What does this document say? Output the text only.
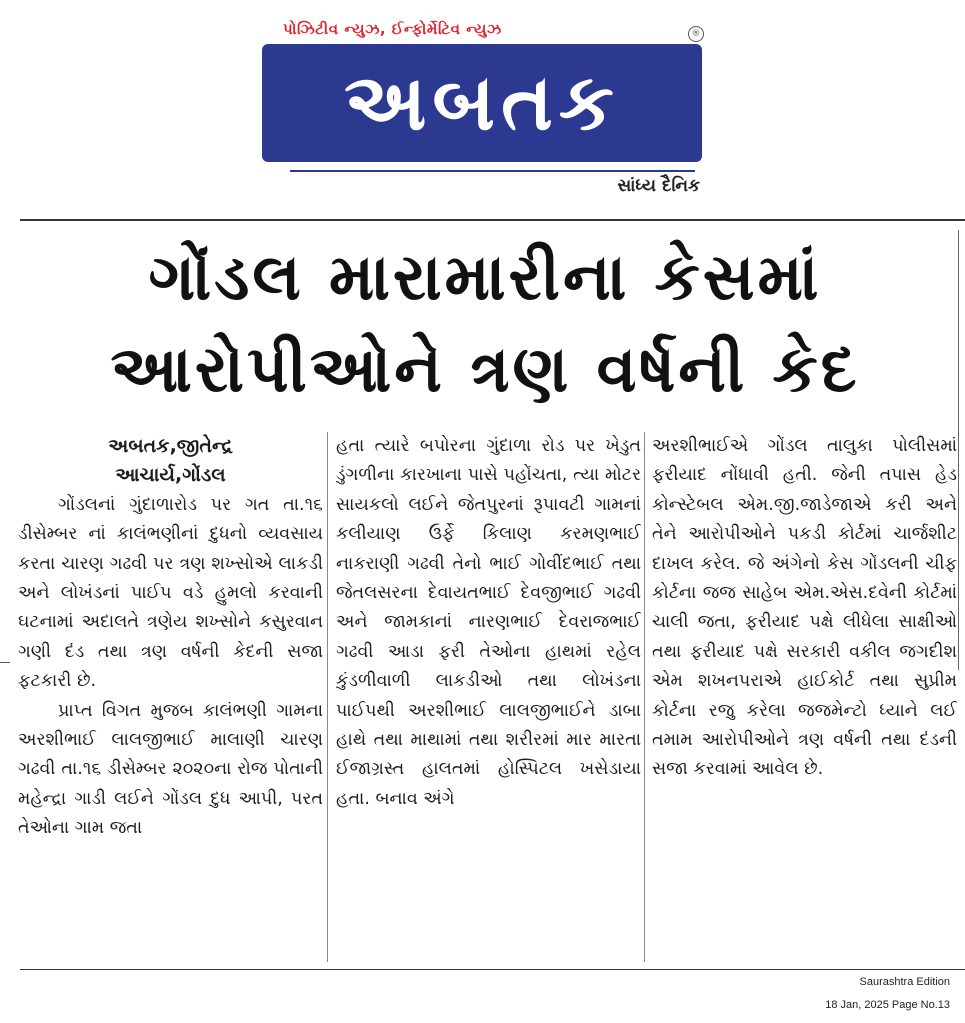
પોઝિટીવ ન્યુઝ, ઈન્ફોર્મેટિવ ન્યુઝ	®
અબતક
સાંધ્ય દૈનિક
ગોંડલ મારામારીના કેસમાં આરોપીઓને ત્રણ વર્ષની કેદ
અબતક,જીતેન્દ્ર
આચાર્ય,ગોંડલ

ગોંડલનાં ગુંદાળારોડ પર ગત તા.૧૬ ડીસેમ્બર નાં કાલંભણીનાં દુધનો વ્યવસાય કરતા ચારણ ગઢવી પર ત્રણ શખ્સોએ લાકડી અને લોખંડનાં પાઈપ વડે હુમલો કરવાની ઘટનામાં અદાલતે ત્રણેય શખ્સોને કસુરવાન ગણી દંડ તથા ત્રણ વર્ષની કેદની સજા ફટકારી છે.

પ્રાપ્ત વિગત મુજબ કાલંભણી ગામના અરશીભાઈ લાલજીભાઈ માલાણી ચારણ ગઢવી તા.૧૬ ડીસેમ્બર ૨૦૨૦ના રોજ પોતાની મહેન્દ્રા ગાડી લઈને ગોંડલ દુધ આપી, પરત તેઓના ગામ જતા

હતા ત્યારે બપોરના ગુંદાળા રોડ પર ખેડુત ડુંગળીના કારખાના પાસે પહોંચતા, ત્યા મોટર સાયકલો લઈને જેતપુરનાં રૂપાવટી ગામનાં કલીયાણ ઉર્ફે કિલાણ કરમણભાઈ નાકરાણી ગઢવી તેનો ભાઈ ગોવીંદભાઈ તથા જેતલસરના દેવાયતભાઈ દેવજીભાઈ ગઢવી અને જામકાનાં નારણભાઈ દેવરાજભાઈ ગઢવી આડા ફરી તેઓના હાથમાં રહેલ કુંડળીવાળી લાકડીઓ તથા લોખંડના પાઈપથી અરશીભાઈ લાલજીભાઈને ડાબા હાથે તથા માથામાં તથા શરીરમાં માર મારતા ઈજાગ્રસ્ત હાલતમાં હોસ્પિટલ ખસેડાયા હતા. બનાવ અંગે

અરશીભાઈએ ગોંડલ તાલુકા પોલીસમાં ફરીયાદ નોંધાવી હતી. જેની તપાસ હેડ કોન્સ્ટેબલ એમ.જી.જાડેજાએ કરી અને તેને આરોપીઓને પકડી કોર્ટમાં ચાર્જશીટ દાખલ કરેલ. જે અંગેનો કેસ ગોંડલની ચીફ કોર્ટના જજ સાહેબ એમ.એસ.દવેની કોર્ટમાં ચાલી જતા, ફરીયાદ પક્ષે લીધેલા સાક્ષીઓ તથા ફરીયાદ પક્ષે સરકારી વકીલ જગદીશ એમ શખનપરાએ હાઈકોર્ટ તથા સુપ્રીમ કોર્ટના રજુ કરેલા જજમેન્ટો ધ્યાને લઈ તમામ આરોપીઓને ત્રણ વર્ષની તથા દંડની સજા કરવામાં આવેલ છે.

Saurashtra Edition
18 Jan, 2025 Page No.13
